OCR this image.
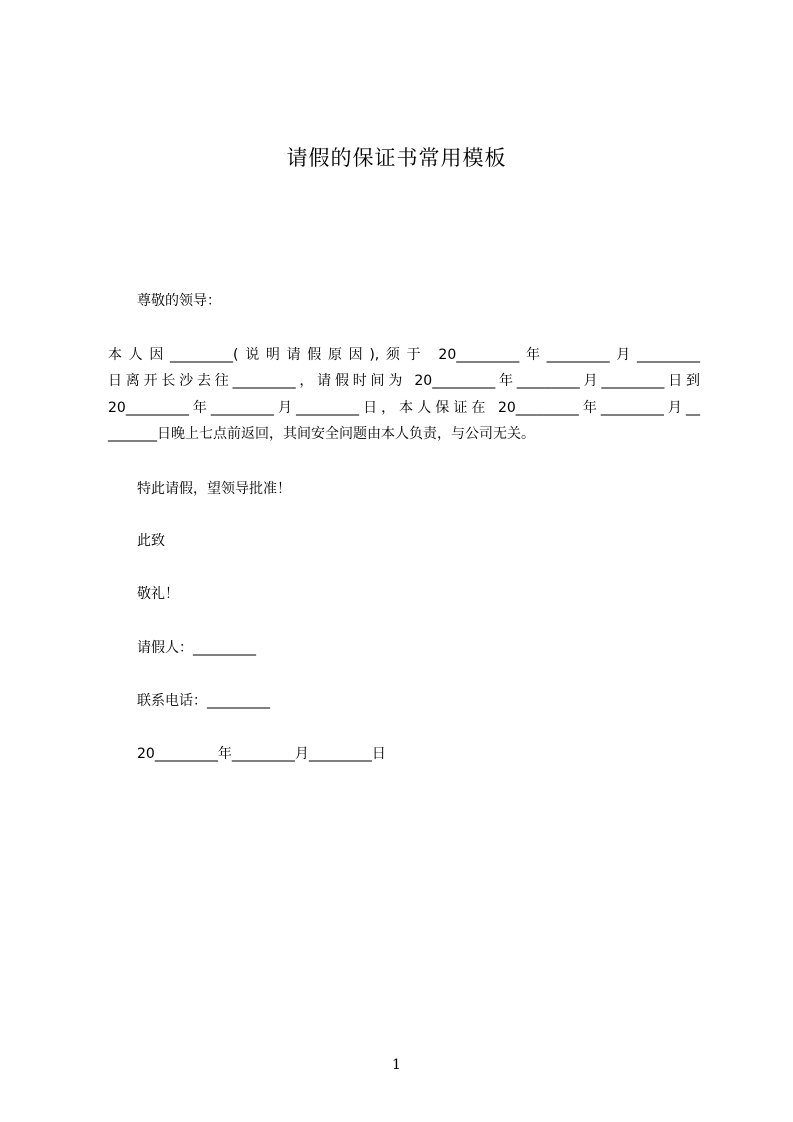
请假的保证书常用模板
尊敬的领导：
本人因_________(说明请假原因),须于 20_________年_________月_________
日离开长沙去往_________，请假时间为 20_________年_________月_________日到
20_________年_________月_________日，本人保证在 20_________年_________月__
_______日晚上七点前返回，其间安全问题由本人负责，与公司无关。
特此请假，望领导批准！
此致
敬礼！
请假人：_________
联系电话：_________
20_________年_________月_________日
1
